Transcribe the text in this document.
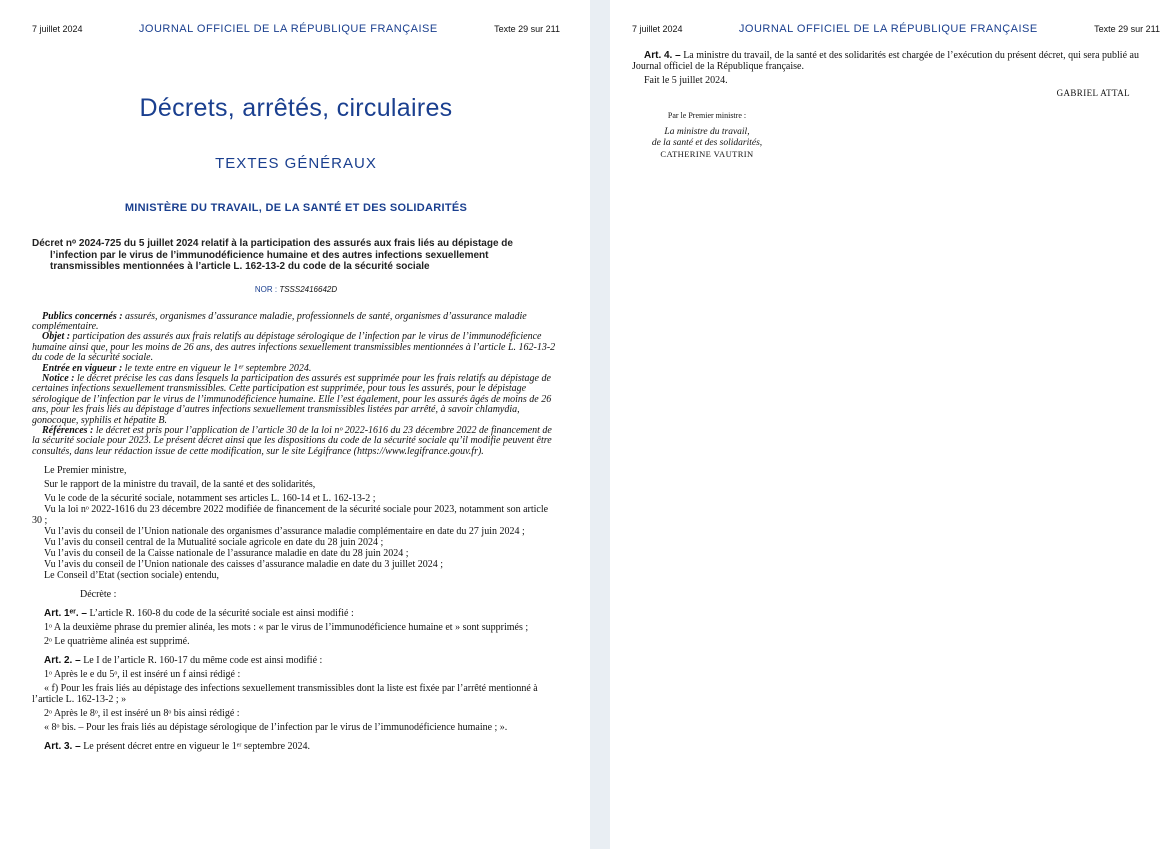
7 juillet 2024	JOURNAL OFFICIEL DE LA RÉPUBLIQUE FRANÇAISE	Texte 29 sur 211
Décrets, arrêtés, circulaires
TEXTES GÉNÉRAUX
MINISTÈRE DU TRAVAIL, DE LA SANTÉ ET DES SOLIDARITÉS
Décret nᵒ 2024-725 du 5 juillet 2024 relatif à la participation des assurés aux frais liés au dépistage de l’infection par le virus de l’immunodéficience humaine et des autres infections sexuellement transmissibles mentionnées à l’article L. 162-13-2 du code de la sécurité sociale
NOR : TSSS2416642D

Publics concernés : assurés, organismes d’assurance maladie, professionnels de santé, organismes d’assurance maladie complémentaire.

Objet : participation des assurés aux frais relatifs au dépistage sérologique de l’infection par le virus de l’immunodéficience humaine ainsi que, pour les moins de 26 ans, des autres infections sexuellement transmissibles mentionnées à l’article L. 162-13-2 du code de la sécurité sociale.

Entrée en vigueur : le texte entre en vigueur le 1ᵉʳ septembre 2024.

Notice : le décret précise les cas dans lesquels la participation des assurés est supprimée pour les frais relatifs au dépistage de certaines infections sexuellement transmissibles. Cette participation est supprimée, pour tous les assurés, pour le dépistage sérologique de l’infection par le virus de l’immunodéficience humaine. Elle l’est également, pour les assurés âgés de moins de 26 ans, pour les frais liés au dépistage d’autres infections sexuellement transmissibles listées par arrêté, à savoir chlamydia, gonocoque, syphilis et hépatite B.

Références : le décret est pris pour l’application de l’article 30 de la loi nᵒ 2022-1616 du 23 décembre 2022 de financement de la sécurité sociale pour 2023. Le présent décret ainsi que les dispositions du code de la sécurité sociale qu’il modifie peuvent être consultés, dans leur rédaction issue de cette modification, sur le site Légifrance (https://www.legifrance.gouv.fr).

Le Premier ministre,

Sur le rapport de la ministre du travail, de la santé et des solidarités,

Vu le code de la sécurité sociale, notamment ses articles L. 160-14 et L. 162-13-2 ;

Vu la loi nᵒ 2022-1616 du 23 décembre 2022 modifiée de financement de la sécurité sociale pour 2023, notamment son article 30 ;

Vu l’avis du conseil de l’Union nationale des organismes d’assurance maladie complémentaire en date du 27 juin 2024 ;

Vu l’avis du conseil central de la Mutualité sociale agricole en date du 28 juin 2024 ;

Vu l’avis du conseil de la Caisse nationale de l’assurance maladie en date du 28 juin 2024 ;

Vu l’avis du conseil de l’Union nationale des caisses d’assurance maladie en date du 3 juillet 2024 ;

Le Conseil d’Etat (section sociale) entendu,

Décrète :

Art. 1ᵉʳ. – L’article R. 160-8 du code de la sécurité sociale est ainsi modifié :

1ᵒ A la deuxième phrase du premier alinéa, les mots : « par le virus de l’immunodéficience humaine et » sont supprimés ;

2ᵒ Le quatrième alinéa est supprimé.

Art. 2. – Le I de l’article R. 160-17 du même code est ainsi modifié :

1ᵒ Après le e du 5ᵒ, il est inséré un f ainsi rédigé :

« f) Pour les frais liés au dépistage des infections sexuellement transmissibles dont la liste est fixée par l’arrêté mentionné à l’article L. 162-13-2 ; »

2ᵒ Après le 8ᵒ, il est inséré un 8ᵒ bis ainsi rédigé :

« 8ᵒ bis. – Pour les frais liés au dépistage sérologique de l’infection par le virus de l’immunodéficience humaine ; ».

Art. 3. – Le présent décret entre en vigueur le 1ᵉʳ septembre 2024.

7 juillet 2024	JOURNAL OFFICIEL DE LA RÉPUBLIQUE FRANÇAISE	Texte 29 sur 211

Art. 4. – La ministre du travail, de la santé et des solidarités est chargée de l’exécution du présent décret, qui sera publié au Journal officiel de la République française.

Fait le 5 juillet 2024.
GABRIEL ATTAL
Par le Premier ministre :
La ministre du travail,
de la santé et des solidarités,
CATHERINE VAUTRIN
